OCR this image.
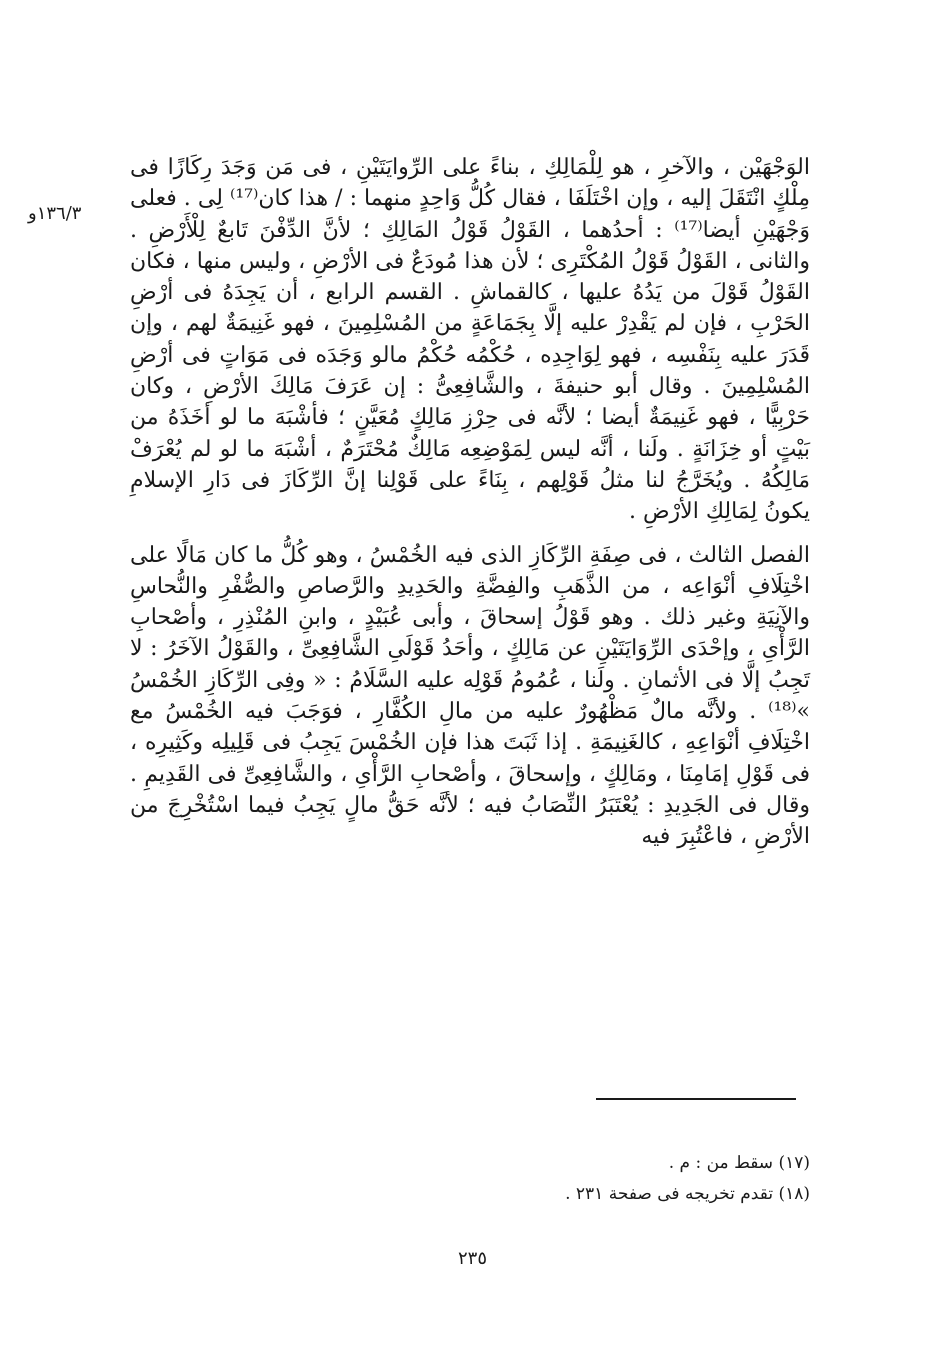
١٣٦/٣و

الوَجْهَيْن ، والآخرِ ، هو لِلْمَالِكِ ، بناءً على الرِّوايَتَيْنِ ، فى مَن وَجَدَ رِكَازًا فى مِلْكٍ انْتَقَلَ إليه ، وإن اخْتَلَفَا ، فقال كُلُّ وَاحِدٍ منهما : / هذا كان⁽¹⁷⁾ لِى . فعلى وَجْهَيْنِ أيضا⁽¹⁷⁾ : أحدُهما ، القَوْلُ قَوْلُ المَالِكِ ؛ لأنَّ الدِّفْنَ تَابعٌ لِلْأَرْضِ . والثانى ، القَوْلُ قَوْلُ المُكْتَرِى ؛ لأن هذا مُودَعٌ فى الأرْضِ ، وليس منها ، فكان القَوْلُ قَوْلَ من يَدُهُ عليها ، كالقماشِ . القسم الرابع ، أن يَجِدَهُ فى أرْضِ الحَرْبِ ، فإن لم يَقْدِرْ عليه إلَّا بِجَمَاعَةٍ من المُسْلِمِينَ ، فهو غَنِيمَةٌ لهم ، وإن قَدَرَ عليه بِنَفْسِه ، فهو لِوَاجِدِه ، حُكْمُه حُكْمُ مالو وَجَدَه فى مَوَاتٍ فى أرْضِ المُسْلِمِينَ . وقال أبو حنيفةَ ، والشَّافِعِىُّ : إن عَرَفَ مَالِكَ الأرْضِ ، وكان حَرْبِيًّا ، فهو غَنِيمَةٌ أيضا ؛ لأنَّه فى حِرْزِ مَالِكٍ مُعَيَّنٍ ؛ فأشْبَهَ ما لو أخَذَهُ من بَيْتٍ أو خِزَانَةٍ . ولَنا ، أنَّه ليس لِمَوْضِعِه مَالِكٌ مُحْتَرَمٌ ، أشْبَهَ ما لو لم يُعْرَفْ مَالِكُهُ . ويُخَرَّجُ لنا مثلُ قَوْلِهم ، بِنَاءً على قَوْلِنا إنَّ الرِّكَازَ فى دَارِ الإسلامِ يكونُ لِمَالِكِ الأرْضِ .

الفصل الثالث ، فى صِفَةِ الرِّكَازِ الذى فيه الخُمْسُ ، وهو كُلُّ ما كان مَالًا على اخْتِلَافِ أنْوَاعِه ، من الذَّهَبِ والفِضَّةِ والحَدِيدِ والرَّصاصِ والصُّفْرِ والنُّحاسِ والآنِيَةِ وغير ذلك . وهو قَوْلُ إسحاقَ ، وأبى عُبَيْدٍ ، وابنِ المُنْذِرِ ، وأصْحابِ الرَّأْىِ ، وإحْدَى الرِّوَايَتَيْنِ عن مَالِكٍ ، وأحَدُ قَوْلَىِ الشَّافِعِىِّ ، والقَوْلُ الآخَرُ : لا تَجِبُ إلَّا فى الأثمانِ . ولَنا ، عُمُومُ قَوْلِه عليه السَّلَامُ : « وفِى الرِّكَازِ الخُمْسُ »⁽¹⁸⁾ . ولأنَّه مالٌ مَظْهُورٌ عليه من مالِ الكُفَّارِ ، فوَجَبَ فيه الخُمْسُ مع اخْتِلَافِ أنْوَاعِهِ ، كالغَنِيمَةِ . إذا ثَبَتَ هذا فإن الخُمْسَ يَجِبُ فى قَلِيلِه وكَثِيرِه ، فى قَوْلِ إمَامِنَا ، ومَالِكٍ ، وإسحاقَ ، وأصْحابِ الرَّأْىِ ، والشَّافِعِىِّ فى القَدِيمِ . وقال فى الجَدِيدِ : يُعْتَبَرُ النِّصَابُ فيه ؛ لأنَّه حَقُّ مالٍ يَجِبُ فيما اسْتُخْرِجَ من الأرْضِ ، فاعْتُبِرَ فيه

(١٧) سقط من : م .

(١٨) تقدم تخريجه فى صفحة ٢٣١ .

٢٣٥
